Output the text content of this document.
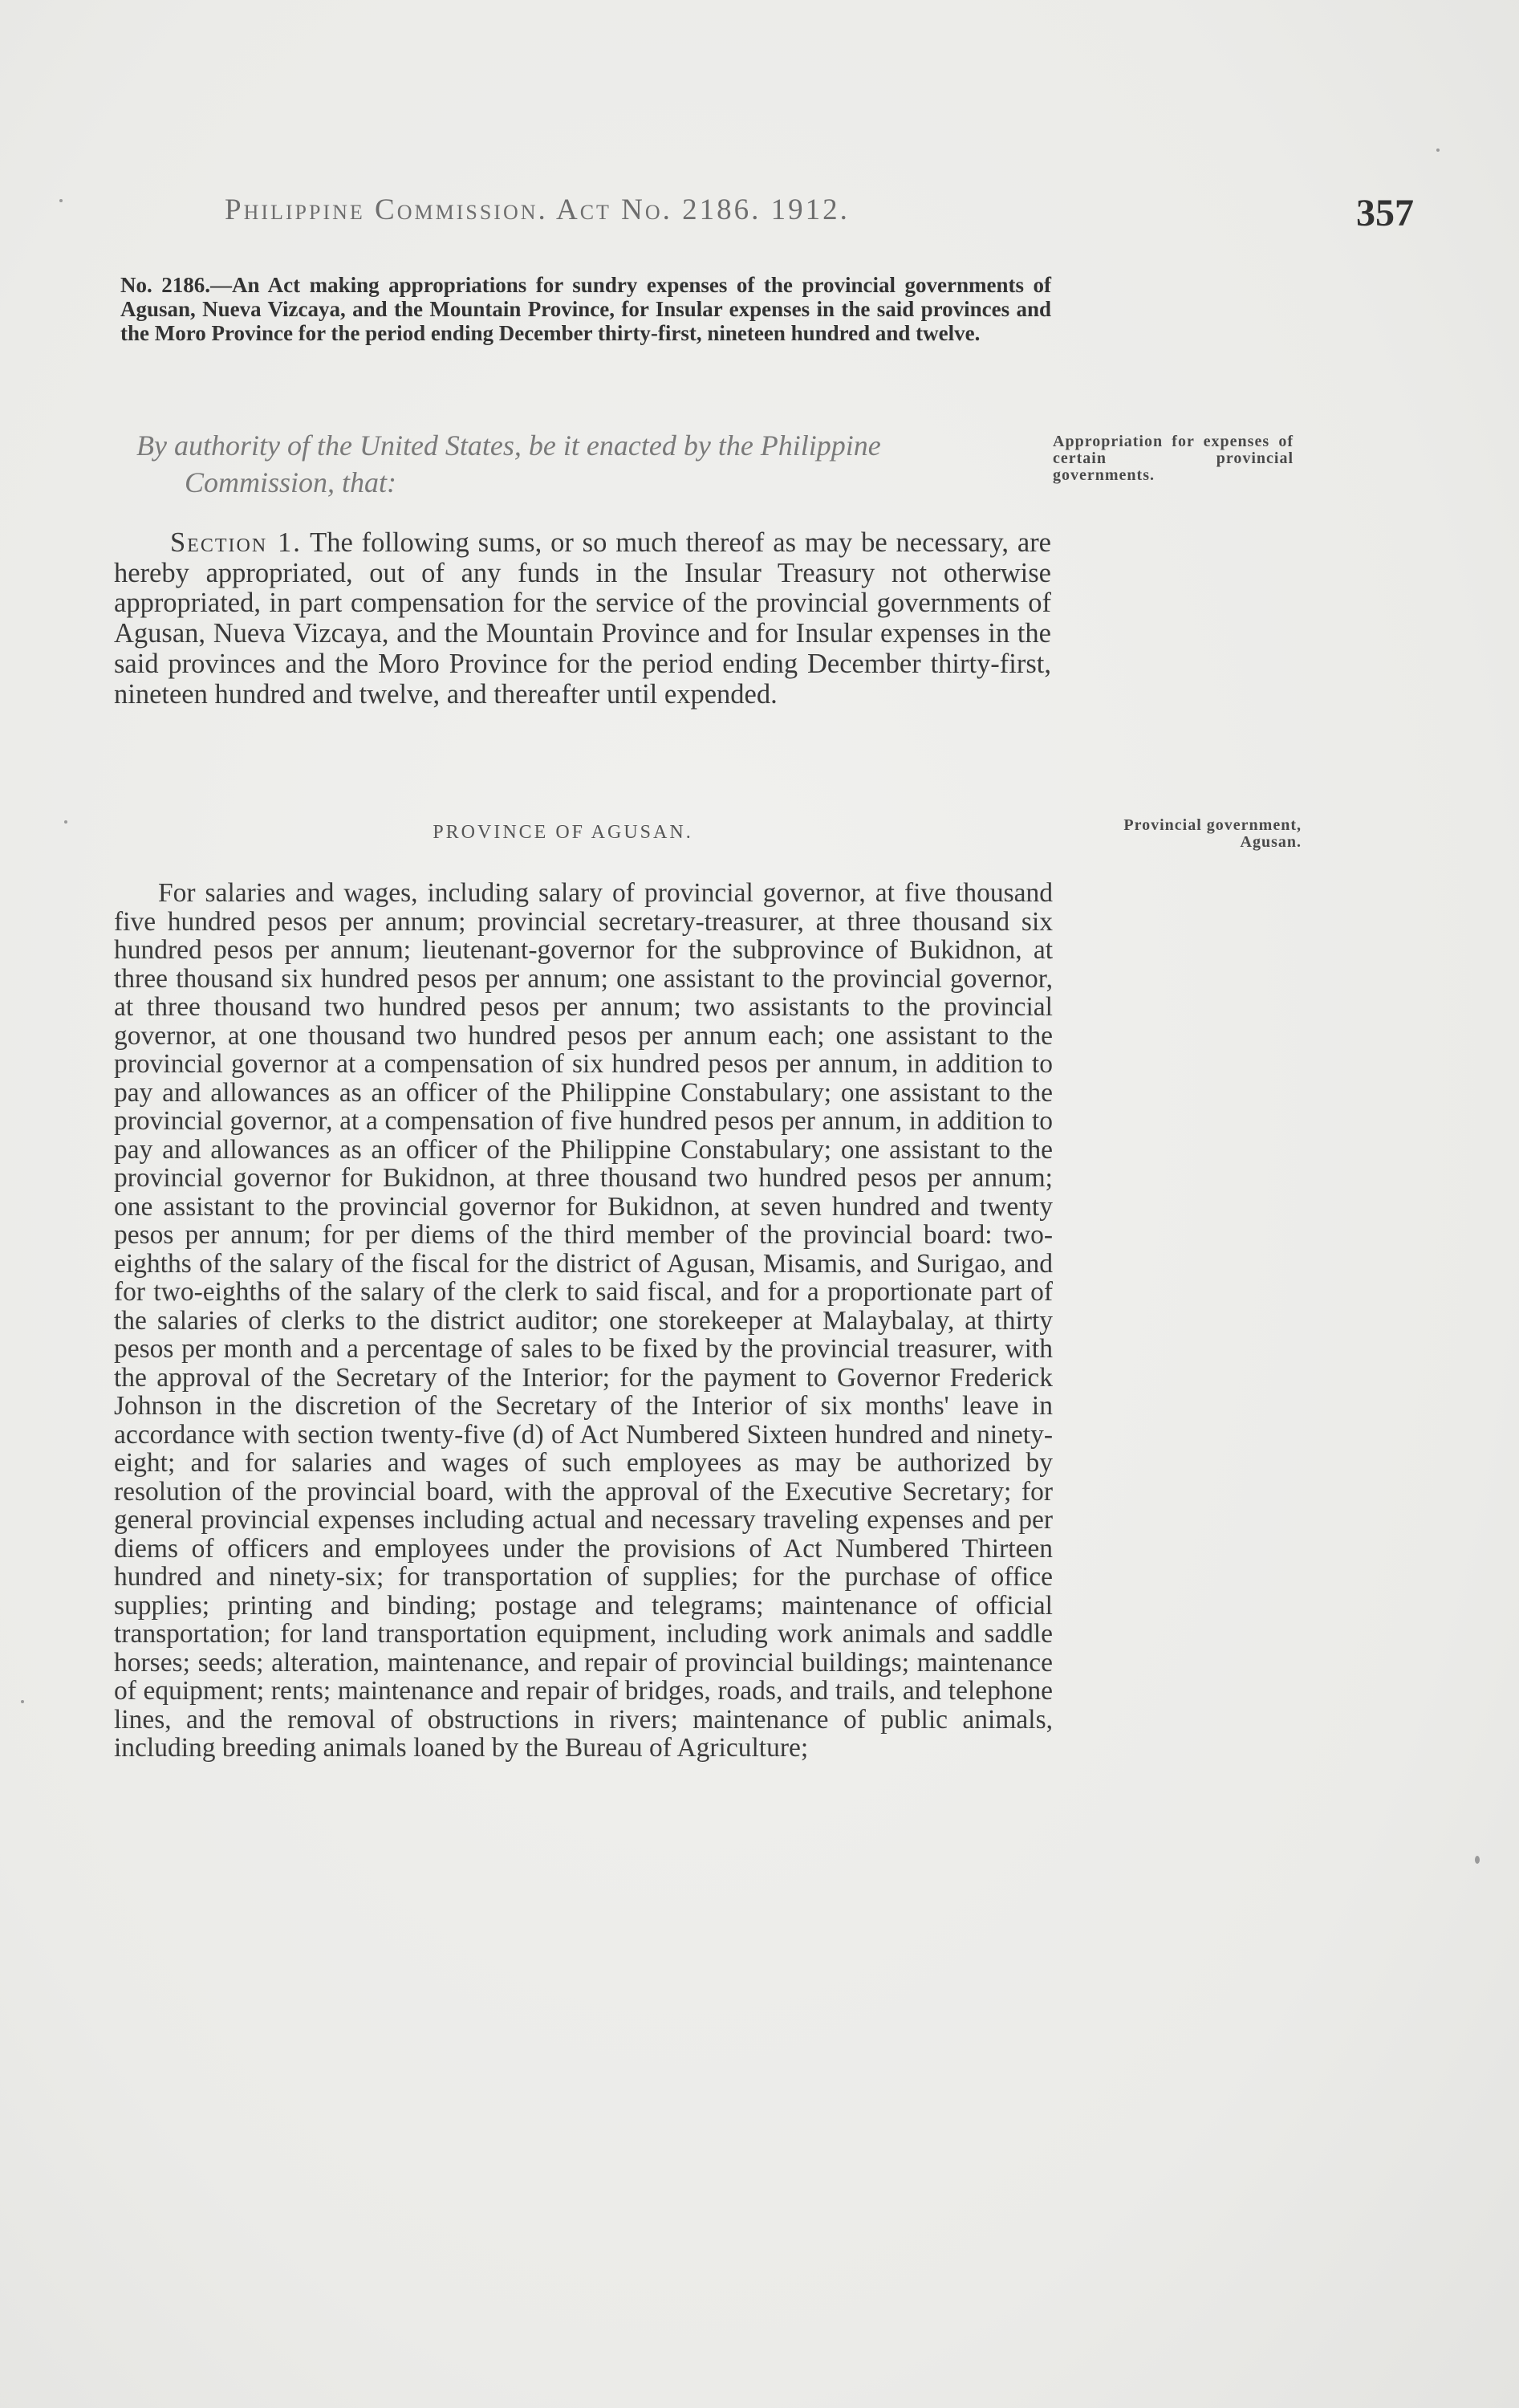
Philippine Commission. Act No. 2186. 1912.	357
No. 2186.—An Act making appropriations for sundry expenses of the provincial governments of Agusan, Nueva Vizcaya, and the Mountain Province, for Insular expenses in the said provinces and the Moro Province for the period ending December thirty-first, nineteen hundred and twelve.
By authority of the United States, be it enacted by the Philippine
Commission, that:
Appropriation for expenses of certain provincial governments.
Section 1. The following sums, or so much thereof as may be necessary, are hereby appropriated, out of any funds in the Insular Treasury not otherwise appropriated, in part compensation for the service of the provincial governments of Agusan, Nueva Vizcaya, and the Mountain Province and for Insular expenses in the said provinces and the Moro Province for the period ending December thirty-first, nineteen hundred and twelve, and thereafter until expended.
PROVINCE OF AGUSAN.	Provincial government, Agusan.
For salaries and wages, including salary of provincial governor, at five thousand five hundred pesos per annum; provincial secretary-treasurer, at three thousand six hundred pesos per annum; lieutenant-governor for the subprovince of Bukidnon, at three thousand six hundred pesos per annum; one assistant to the provincial governor, at three thousand two hundred pesos per annum; two assistants to the provincial governor, at one thousand two hundred pesos per annum each; one assistant to the provincial governor at a compensation of six hundred pesos per annum, in addition to pay and allowances as an officer of the Philippine Constabulary; one assistant to the provincial governor, at a compensation of five hundred pesos per annum, in addition to pay and allowances as an officer of the Philippine Constabulary; one assistant to the provincial governor for Bukidnon, at three thousand two hundred pesos per annum; one assistant to the provincial governor for Bukidnon, at seven hundred and twenty pesos per annum; for per diems of the third member of the provincial board: two-eighths of the salary of the fiscal for the district of Agusan, Misamis, and Surigao, and for two-eighths of the salary of the clerk to said fiscal, and for a proportionate part of the salaries of clerks to the district auditor; one storekeeper at Malaybalay, at thirty pesos per month and a percentage of sales to be fixed by the provincial treasurer, with the approval of the Secretary of the Interior; for the payment to Governor Frederick Johnson in the discretion of the Secretary of the Interior of six months' leave in accordance with section twenty-five (d) of Act Numbered Sixteen hundred and ninety-eight; and for salaries and wages of such employees as may be authorized by resolution of the provincial board, with the approval of the Executive Secretary; for general provincial expenses including actual and necessary traveling expenses and per diems of officers and employees under the provisions of Act Numbered Thirteen hundred and ninety-six; for transportation of supplies; for the purchase of office supplies; printing and binding; postage and telegrams; maintenance of official transportation; for land transportation equipment, including work animals and saddle horses; seeds; alteration, maintenance, and repair of provincial buildings; maintenance of equipment; rents; maintenance and repair of bridges, roads, and trails, and telephone lines, and the removal of obstructions in rivers; maintenance of public animals, including breeding animals loaned by the Bureau of Agriculture;
